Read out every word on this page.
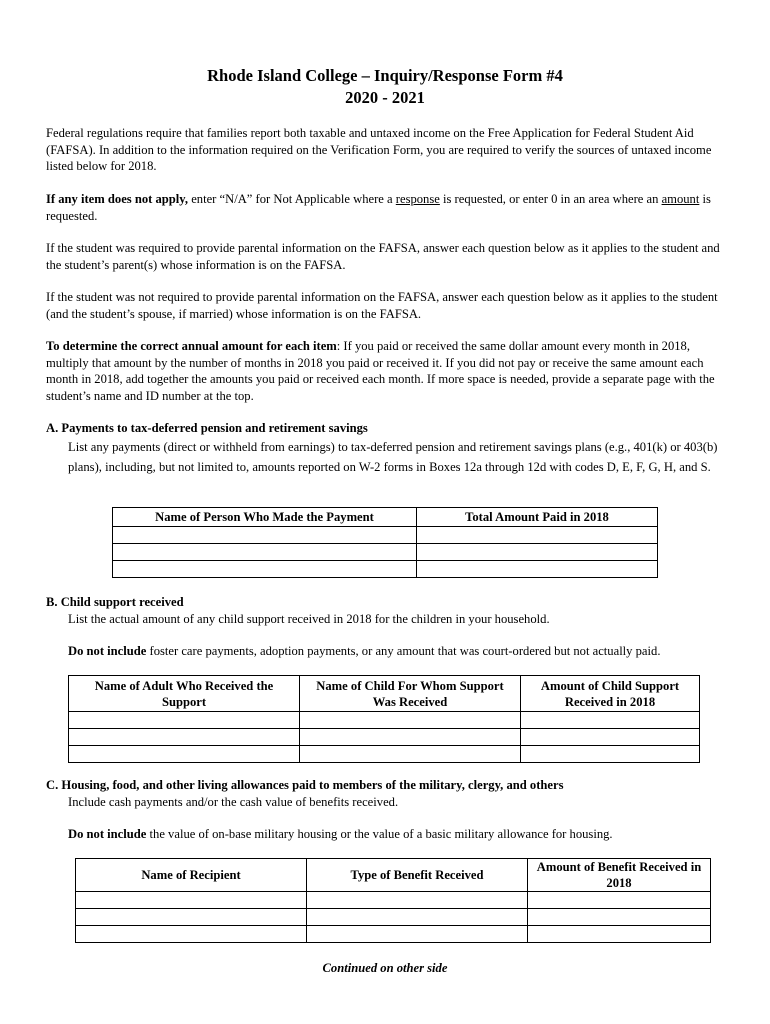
Rhode Island College – Inquiry/Response Form #4
2020 - 2021

Federal regulations require that families report both taxable and untaxed income on the Free Application for Federal Student Aid (FAFSA). In addition to the information required on the Verification Form, you are required to verify the sources of untaxed income listed below for 2018.

If any item does not apply, enter “N/A” for Not Applicable where a response is requested, or enter 0 in an area where an amount is requested.

If the student was required to provide parental information on the FAFSA, answer each question below as it applies to the student and the student’s parent(s) whose information is on the FAFSA.

If the student was not required to provide parental information on the FAFSA, answer each question below as it applies to the student (and the student’s spouse, if married) whose information is on the FAFSA.

To determine the correct annual amount for each item: If you paid or received the same dollar amount every month in 2018, multiply that amount by the number of months in 2018 you paid or received it. If you did not pay or receive the same amount each month in 2018, add together the amounts you paid or received each month. If more space is needed, provide a separate page with the student’s name and ID number at the top.

A. Payments to tax-deferred pension and retirement savings

List any payments (direct or withheld from earnings) to tax-deferred pension and retirement savings plans (e.g., 401(k) or 403(b) plans), including, but not limited to, amounts reported on W-2 forms in Boxes 12a through 12d with codes D, E, F, G, H, and S.

Name of Person Who Made the Payment	Total Amount Paid in 2018

B. Child support received

List the actual amount of any child support received in 2018 for the children in your household.

Do not include foster care payments, adoption payments, or any amount that was court-ordered but not actually paid.

Name of Adult Who Received the Support	Name of Child For Whom Support Was Received	Amount of Child Support Received in 2018

C. Housing, food, and other living allowances paid to members of the military, clergy, and others

Include cash payments and/or the cash value of benefits received.

Do not include the value of on-base military housing or the value of a basic military allowance for housing.

Name of Recipient	Type of Benefit Received	Amount of Benefit Received in 2018

Continued on other side
